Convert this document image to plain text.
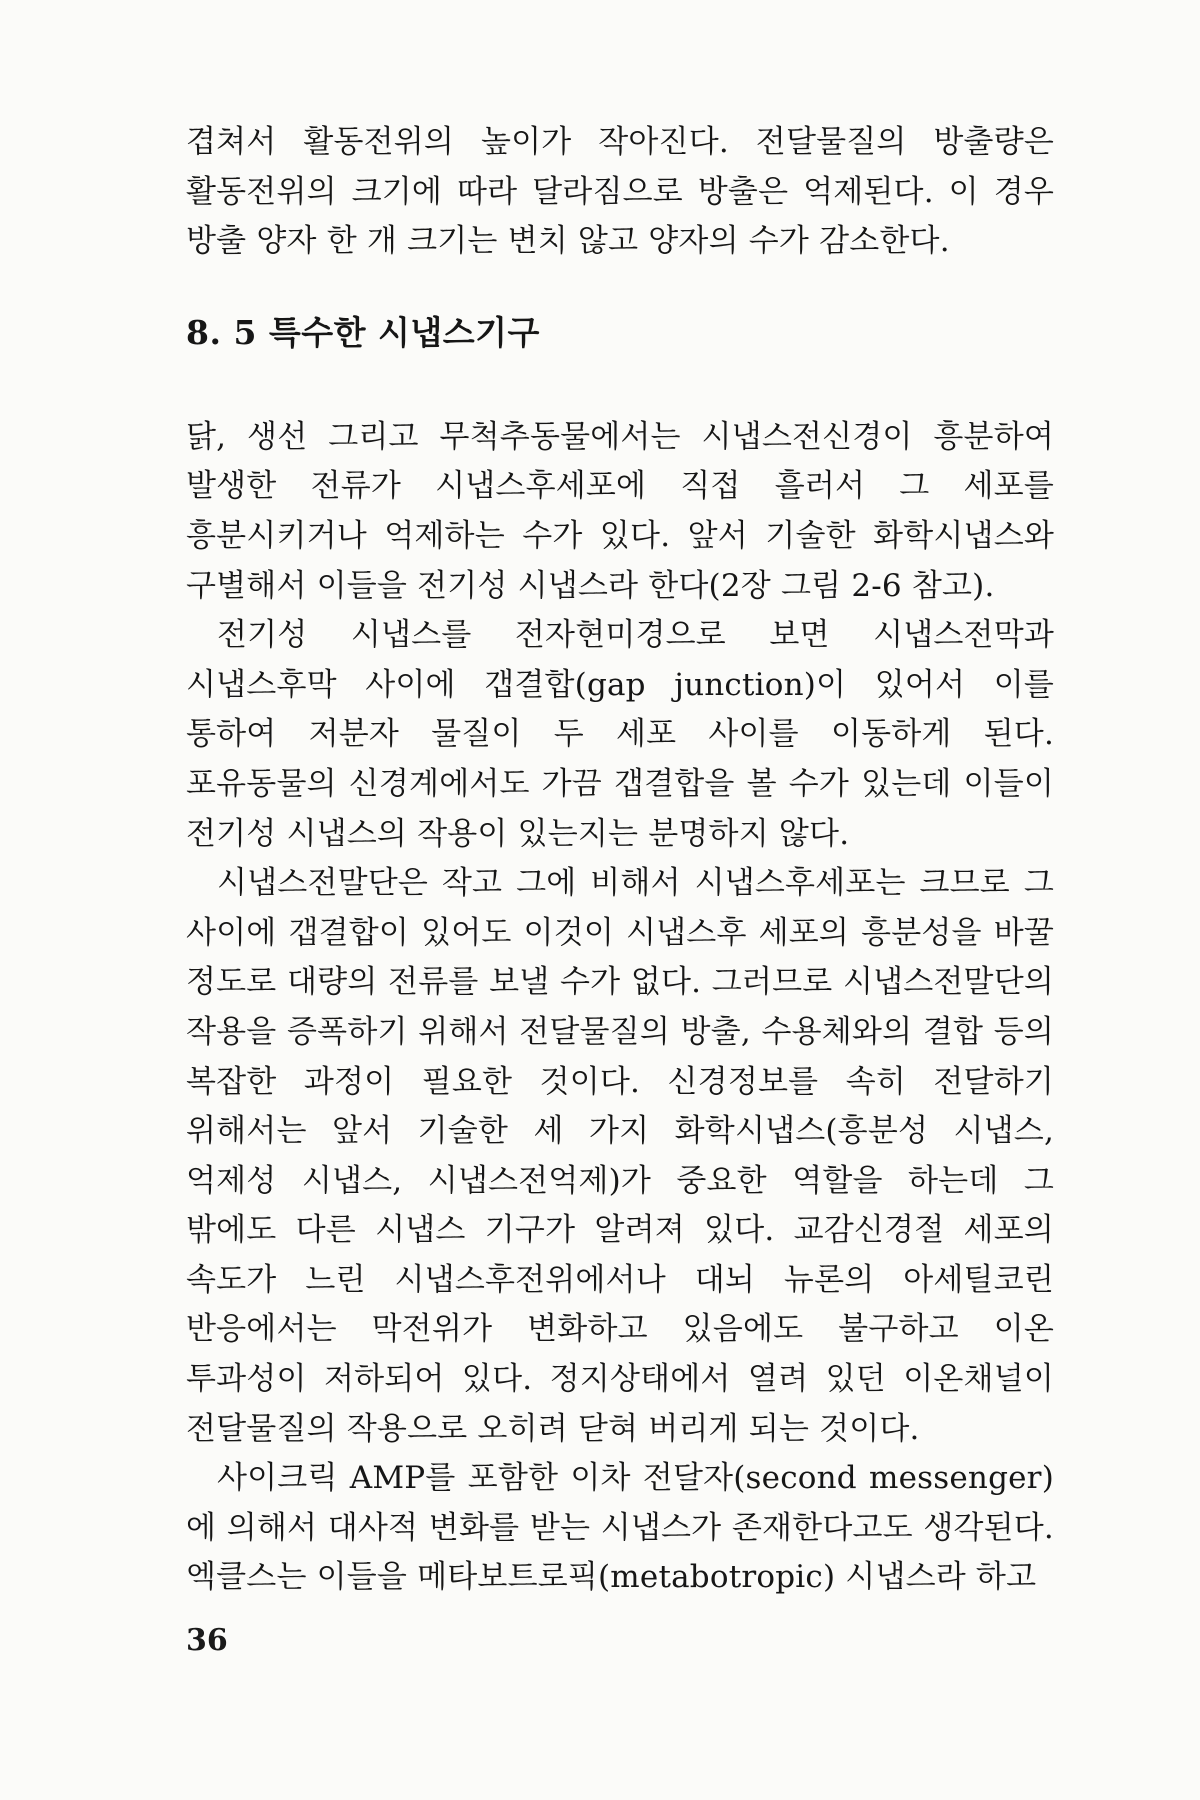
겹쳐서 활동전위의 높이가 작아진다. 전달물질의 방출량은 활동전위의 크기에 따라 달라짐으로 방출은 억제된다. 이 경우 방출 양자 한 개 크기는 변치 않고 양자의 수가 감소한다.

8. 5 특수한 시냅스기구

닭, 생선 그리고 무척추동물에서는 시냅스전신경이 흥분하여 발생한 전류가 시냅스후세포에 직접 흘러서 그 세포를 흥분시키거나 억제하는 수가 있다. 앞서 기술한 화학시냅스와 구별해서 이들을 전기성 시냅스라 한다(2장 그림 2-6 참고).

전기성 시냅스를 전자현미경으로 보면 시냅스전막과 시냅스후막 사이에 갭결합(gap junction)이 있어서 이를 통하여 저분자 물질이 두 세포 사이를 이동하게 된다. 포유동물의 신경계에서도 가끔 갭결합을 볼 수가 있는데 이들이 전기성 시냅스의 작용이 있는지는 분명하지 않다.

시냅스전말단은 작고 그에 비해서 시냅스후세포는 크므로 그 사이에 갭결합이 있어도 이것이 시냅스후 세포의 흥분성을 바꿀 정도로 대량의 전류를 보낼 수가 없다. 그러므로 시냅스전말단의 작용을 증폭하기 위해서 전달물질의 방출, 수용체와의 결합 등의 복잡한 과정이 필요한 것이다. 신경정보를 속히 전달하기 위해서는 앞서 기술한 세 가지 화학시냅스(흥분성 시냅스, 억제성 시냅스, 시냅스전억제)가 중요한 역할을 하는데 그 밖에도 다른 시냅스 기구가 알려져 있다. 교감신경절 세포의 속도가 느린 시냅스후전위에서나 대뇌 뉴론의 아세틸코린 반응에서는 막전위가 변화하고 있음에도 불구하고 이온 투과성이 저하되어 있다. 정지상태에서 열려 있던 이온채널이 전달물질의 작용으로 오히려 닫혀 버리게 되는 것이다.

사이크릭 AMP를 포함한 이차 전달자(second messenger)에 의해서 대사적 변화를 받는 시냅스가 존재한다고도 생각된다. 엑클스는 이들을 메타보트로픽(metabotropic) 시냅스라 하고

36
